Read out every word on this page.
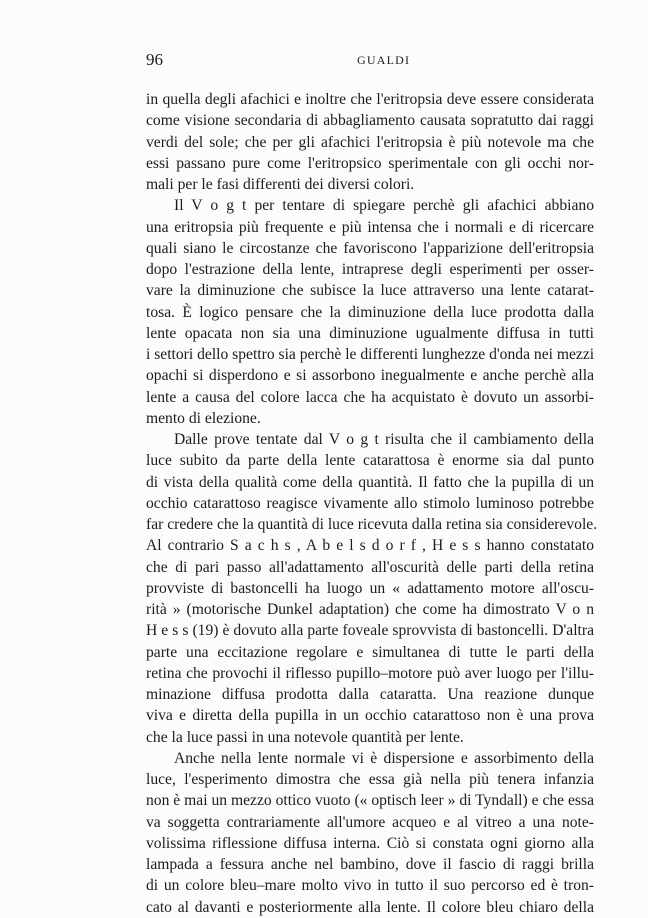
96	GUALDI
in quella degli afachici e inoltre che l'eritropsia deve essere considerata
come visione secondaria di abbagliamento causata sopratutto dai raggi
verdi del sole; che per gli afachici l'eritropsia è più notevole ma che
essi passano pure come l'eritropsico sperimentale con gli occhi nor-
mali per le fasi differenti dei diversi colori.
Il V o g t per tentare di spiegare perchè gli afachici abbiano
una eritropsia più frequente e più intensa che i normali e di ricercare
quali siano le circostanze che favoriscono l'apparizione dell'eritropsia
dopo l'estrazione della lente, intraprese degli esperimenti per osser-
vare la diminuzione che subisce la luce attraverso una lente catarat-
tosa. È logico pensare che la diminuzione della luce prodotta dalla
lente opacata non sia una diminuzione ugualmente diffusa in tutti
i settori dello spettro sia perchè le differenti lunghezze d'onda nei mezzi
opachi si disperdono e si assorbono inegualmente e anche perchè alla
lente a causa del colore lacca che ha acquistato è dovuto un assorbi-
mento di elezione.
Dalle prove tentate dal V o g t risulta che il cambiamento della
luce subito da parte della lente catarattosa è enorme sia dal punto
di vista della qualità come della quantità. Il fatto che la pupilla di un
occhio catarattoso reagisce vivamente allo stimolo luminoso potrebbe
far credere che la quantità di luce ricevuta dalla retina sia considerevole.
Al contrario S a c h s , A b e l s d o r f , H e s s hanno constatato
che di pari passo all'adattamento all'oscurità delle parti della retina
provviste di bastoncelli ha luogo un « adattamento motore all'oscu-
rità » (motorische Dunkel adaptation) che come ha dimostrato V o n
H e s s (19) è dovuto alla parte foveale sprovvista di bastoncelli. D'altra
parte una eccitazione regolare e simultanea di tutte le parti della
retina che provochi il riflesso pupillo–motore può aver luogo per l'illu-
minazione diffusa prodotta dalla cataratta. Una reazione dunque
viva e diretta della pupilla in un occhio catarattoso non è una prova
che la luce passi in una notevole quantità per lente.
Anche nella lente normale vi è dispersione e assorbimento della
luce, l'esperimento dimostra che essa già nella più tenera infanzia
non è mai un mezzo ottico vuoto (« optisch leer » di Tyndall) e che essa
va soggetta contrariamente all'umore acqueo e al vitreo a una note-
volissima riflessione diffusa interna. Ciò si constata ogni giorno alla
lampada a fessura anche nel bambino, dove il fascio di raggi brilla
di un colore bleu–mare molto vivo in tutto il suo percorso ed è tron-
cato al davanti e posteriormente alla lente. Il colore bleu chiaro della
